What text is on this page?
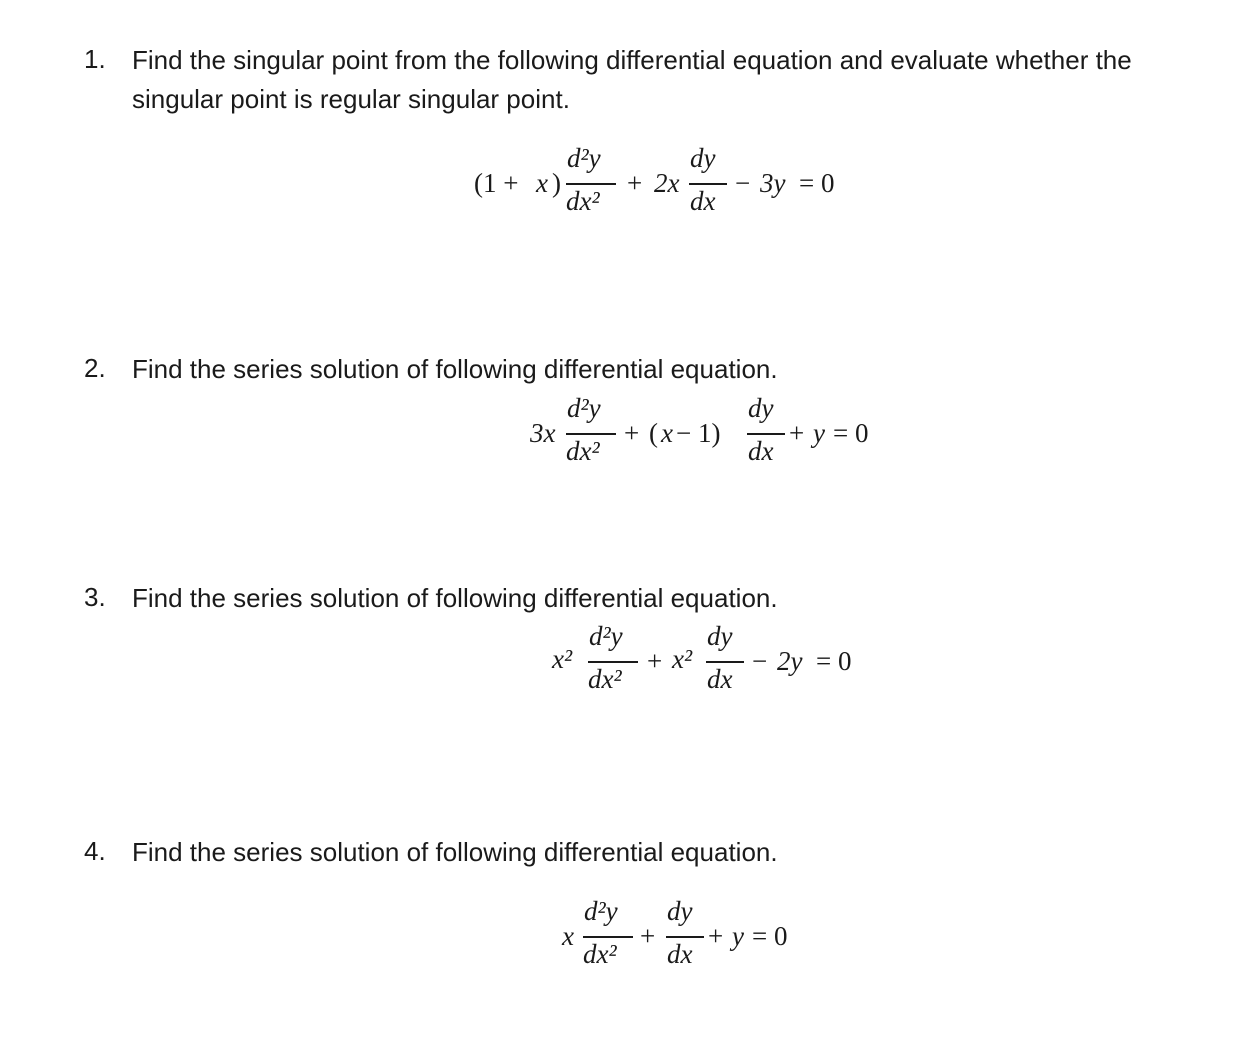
1. Find the singular point from the following differential equation and evaluate whether the singular point is regular singular point.
(1 + x )
d²y
dx²
+ 2x
dy
dx
− 3y = 0
2. Find the series solution of following differential equation.
3x
d²y
dx²
+ ( x − 1)
dy
dx
+ y = 0
3. Find the series solution of following differential equation.
x²
d²y
dx²
+ x²
dy
dx
− 2y = 0
4. Find the series solution of following differential equation.
x
d²y
dx²
+
dy
dx
+ y = 0
